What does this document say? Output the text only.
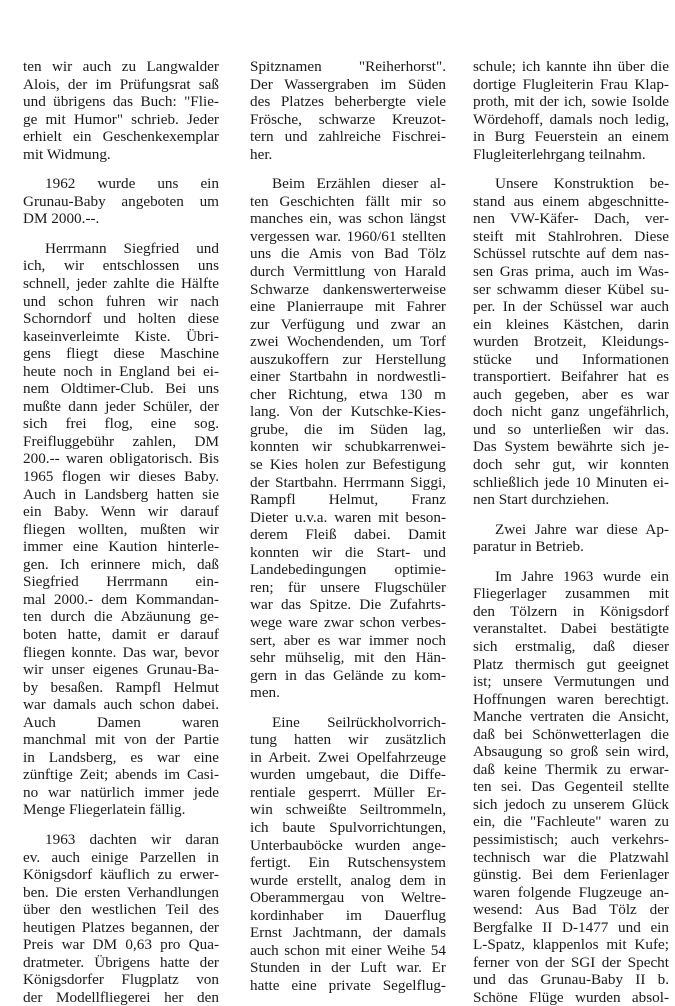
ten wir auch zu Langwalder
Alois, der im Prüfungsrat saß
und übrigens das Buch: "Flie-
ge mit Humor" schrieb. Jeder
erhielt ein Geschenkexemplar
mit Widmung.
1962 wurde uns ein
Grunau-Baby angeboten um
DM 2000.--.
Herrmann Siegfried und
ich, wir entschlossen uns
schnell, jeder zahlte die Hälfte
und schon fuhren wir nach
Schorndorf und holten diese
kaseinverleimte Kiste. Übri-
gens fliegt diese Maschine
heute noch in England bei ei-
nem Oldtimer-Club. Bei uns
mußte dann jeder Schüler, der
sich frei flog, eine sog.
Freifluggebühr zahlen, DM
200.-- waren obligatorisch. Bis
1965 flogen wir dieses Baby.
Auch in Landsberg hatten sie
ein Baby. Wenn wir darauf
fliegen wollten, mußten wir
immer eine Kaution hinterle-
gen. Ich erinnere mich, daß
Siegfried Herrmann ein-
mal 2000.- dem Kommandan-
ten durch die Abzäunung ge-
boten hatte, damit er darauf
fliegen konnte. Das war, bevor
wir unser eigenes Grunau-Ba-
by besaßen. Rampfl Helmut
war damals auch schon dabei.
Auch Damen waren
manchmal mit von der Partie
in Landsberg, es war eine
zünftige Zeit; abends im Casi-
no war natürlich immer jede
Menge Fliegerlatein fällig.
1963 dachten wir daran
ev. auch einige Parzellen in
Königsdorf käuflich zu erwer-
ben. Die ersten Verhandlungen
über den westlichen Teil des
heutigen Platzes begannen, der
Preis war DM 0,63 pro Qua-
dratmeter. Übrigens hatte der
Königsdorfer Flugplatz von
der Modellfliegerei her den
Spitznamen "Reiherhorst".
Der Wassergraben im Süden
des Platzes beherbergte viele
Frösche, schwarze Kreuzot-
tern und zahlreiche Fischrei-
her.
Beim Erzählen dieser al-
ten Geschichten fällt mir so
manches ein, was schon längst
vergessen war. 1960/61 stellten
uns die Amis von Bad Tölz
durch Vermittlung von Harald
Schwarze dankenswerterweise
eine Planierraupe mit Fahrer
zur Verfügung und zwar an
zwei Wochendenden, um Torf
auszukoffern zur Herstellung
einer Startbahn in nordwestli-
cher Richtung, etwa 130 m
lang. Von der Kutschke-Kies-
grube, die im Süden lag,
konnten wir schubkarrenwei-
se Kies holen zur Befestigung
der Startbahn. Herrmann Siggi,
Rampfl Helmut, Franz
Dieter u.v.a. waren mit beson-
derem Fleiß dabei. Damit
konnten wir die Start- und
Landebedingungen optimie-
ren; für unsere Flugschüler
war das Spitze. Die Zufahrts-
wege ware zwar schon verbes-
sert, aber es war immer noch
sehr mühselig, mit den Hän-
gern in das Gelände zu kom-
men.
Eine Seilrückholvorrich-
tung hatten wir zusätzlich
in Arbeit. Zwei Opelfahrzeuge
wurden umgebaut, die Diffe-
rentiale gesperrt. Müller Er-
win schweißte Seiltrommeln,
ich baute Spulvorrichtungen,
Unterbauböcke wurden ange-
fertigt. Ein Rutschensystem
wurde erstellt, analog dem in
Oberammergau von Weltre-
kordinhaber im Dauerflug
Ernst Jachtmann, der damals
auch schon mit einer Weihe 54
Stunden in der Luft war. Er
hatte eine private Segelflug-
schule; ich kannte ihn über die
dortige Flugleiterin Frau Klap-
proth, mit der ich, sowie Isolde
Wördehoff, damals noch ledig,
in Burg Feuerstein an einem
Flugleiterlehrgang teilnahm.
Unsere Konstruktion be-
stand aus einem abgeschnitte-
nen VW-Käfer- Dach, ver-
steift mit Stahlrohren. Diese
Schüssel rutschte auf dem nas-
sen Gras prima, auch im Was-
ser schwamm dieser Kübel su-
per. In der Schüssel war auch
ein kleines Kästchen, darin
wurden Brotzeit, Kleidungs-
stücke und Informationen
transportiert. Beifahrer hat es
auch gegeben, aber es war
doch nicht ganz ungefährlich,
und so unterließen wir das.
Das System bewährte sich je-
doch sehr gut, wir konnten
schließlich jede 10 Minuten ei-
nen Start durchziehen.
Zwei Jahre war diese Ap-
paratur in Betrieb.
Im Jahre 1963 wurde ein
Fliegerlager zusammen mit
den Tölzern in Königsdorf
veranstaltet. Dabei bestätigte
sich erstmalig, daß dieser
Platz thermisch gut geeignet
ist; unsere Vermutungen und
Hoffnungen waren berechtigt.
Manche vertraten die Ansicht,
daß bei Schönwetterlagen die
Absaugung so groß sein wird,
daß keine Thermik zu erwar-
ten sei. Das Gegenteil stellte
sich jedoch zu unserem Glück
ein, die "Fachleute" waren zu
pessimistisch; auch verkehrs-
technisch war die Platzwahl
günstig. Bei dem Ferienlager
waren folgende Flugzeuge an-
wesend: Aus Bad Tölz der
Bergfalke II D-1477 und ein
L-Spatz, klappenlos mit Kufe;
ferner von der SGI der Specht
und das Grunau-Baby II b.
Schöne Flüge wurden absol-
